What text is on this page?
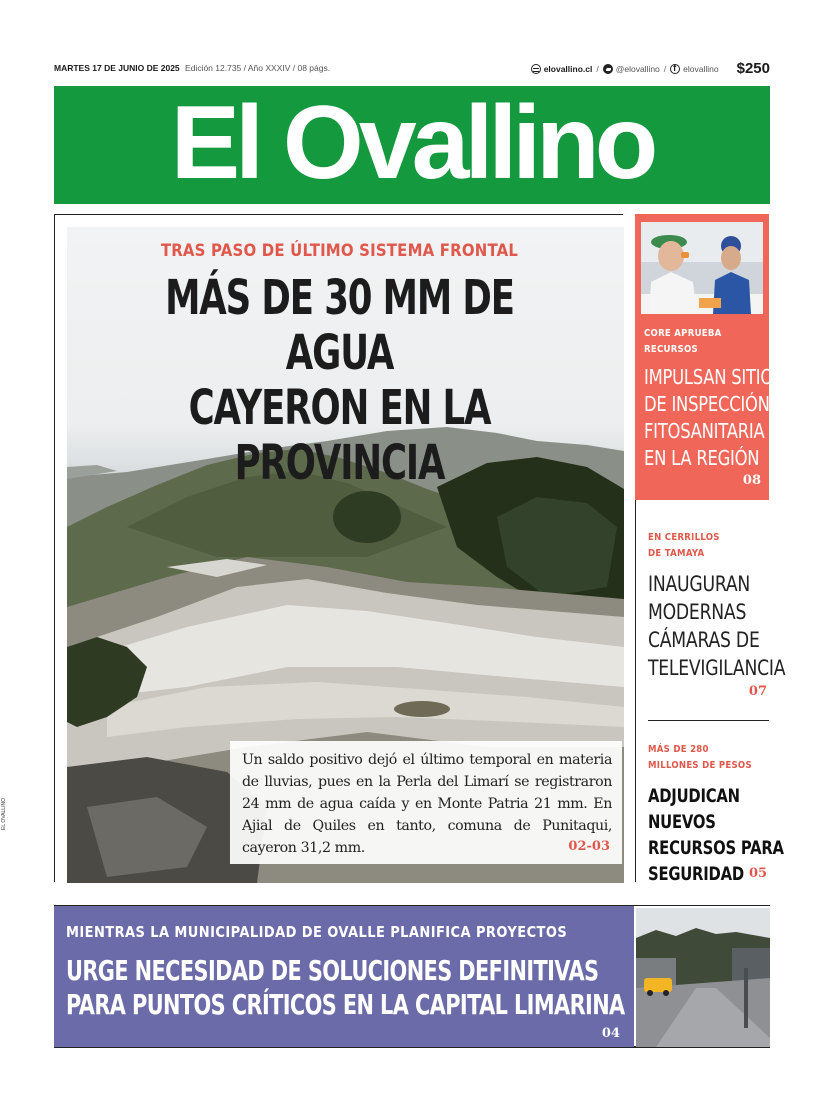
MARTES 17 DE JUNIO DE 2025 Edición 12.735 / Año XXXIV / 08 págs.	elovallino.cl / @elovallino /
f elovallino $250
El Ovallino
TRAS PASO DE ÚLTIMO SISTEMA FRONTAL
MÁS DE 30 MM DE AGUA
CAYERON EN LA PROVINCIA

Un saldo positivo dejó el último temporal en materia de lluvias, pues en la Perla del Limarí se registraron 24 mm de agua caída y en Monte Patria 21 mm. En Ajial de Quiles en tanto, comuna de Punitaqui, cayeron 31,2 mm.	02-03
EL OVALLINO
CORE APRUEBA
RECURSOS
IMPULSAN SITIO
DE INSPECCIÓN
FITOSANITARIA
EN LA REGIÓN
08
EN CERRILLOS
DE TAMAYA
INAUGURAN
MODERNAS
CÁMARAS DE
TELEVIGILANCIA
07
MÁS DE 280
MILLONES DE PESOS
ADJUDICAN
NUEVOS
RECURSOS PARA
SEGURIDAD 05
MIENTRAS LA MUNICIPALIDAD DE OVALLE PLANIFICA PROYECTOS
URGE NECESIDAD DE SOLUCIONES DEFINITIVAS
PARA PUNTOS CRÍTICOS EN LA CAPITAL LIMARINA
04
